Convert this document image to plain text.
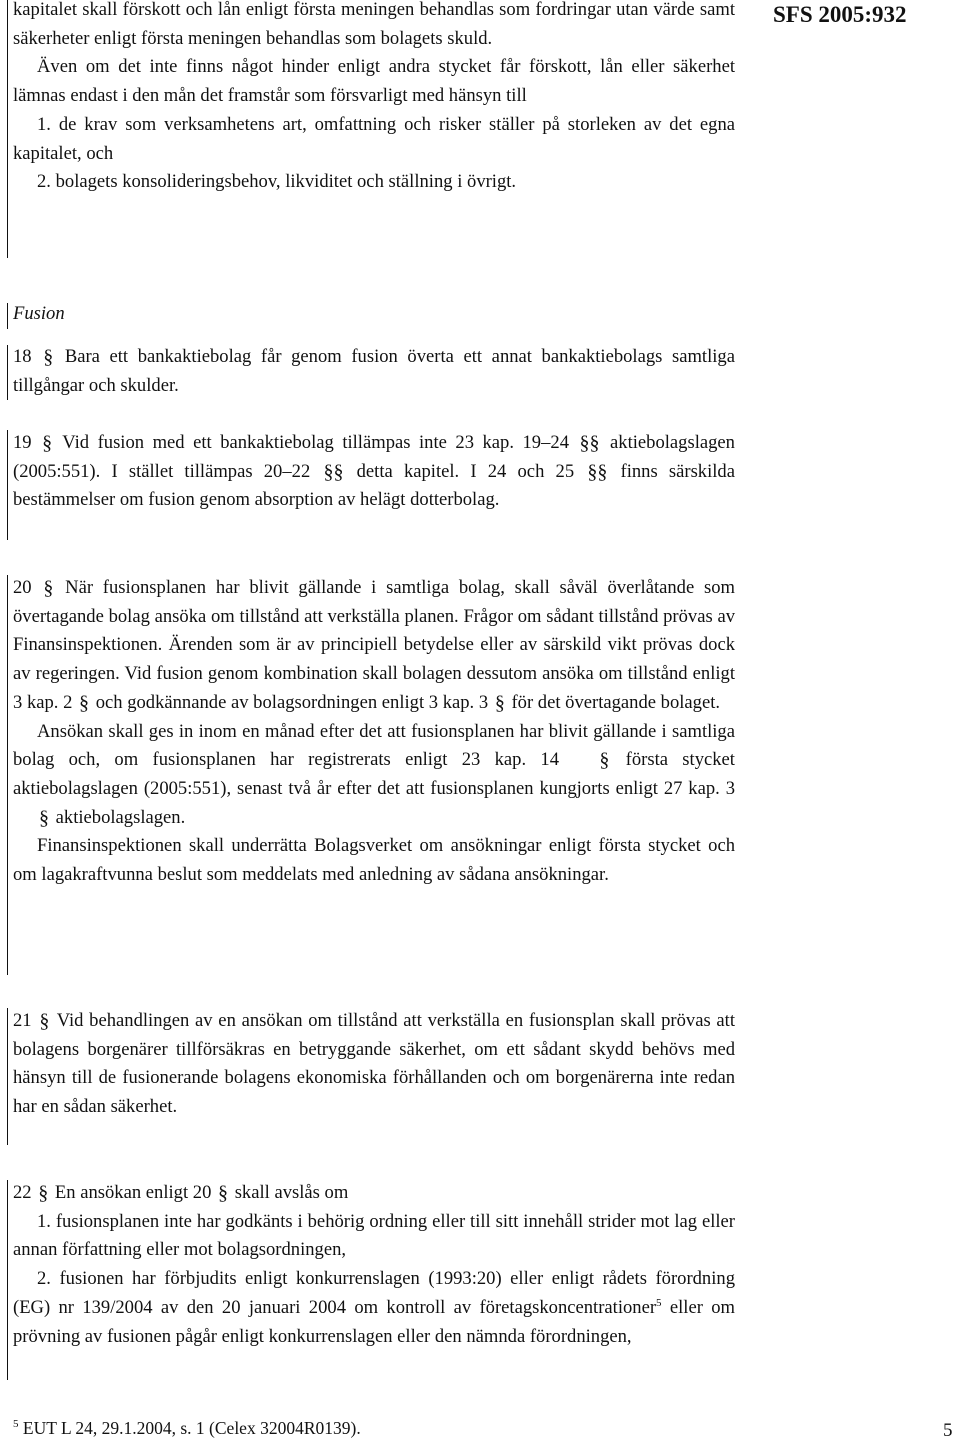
SFS 2005:932

kapitalet skall förskott och lån enligt första meningen behandlas som fordringar utan värde samt säkerheter enligt första meningen behandlas som bolagets skuld.

Även om det inte finns något hinder enligt andra stycket får förskott, lån eller säkerhet lämnas endast i den mån det framstår som försvarligt med hänsyn till

1. de krav som verksamhetens art, omfattning och risker ställer på storleken av det egna kapitalet, och

2. bolagets konsolideringsbehov, likviditet och ställning i övrigt.

Fusion

18 § Bara ett bankaktiebolag får genom fusion överta ett annat bankaktiebolags samtliga tillgångar och skulder.

19 § Vid fusion med ett bankaktiebolag tillämpas inte 23 kap. 19–24 §§ aktiebolagslagen (2005:551). I stället tillämpas 20–22 §§ detta kapitel. I 24 och 25 §§ finns särskilda bestämmelser om fusion genom absorption av helägt dotterbolag.

20 § När fusionsplanen har blivit gällande i samtliga bolag, skall såväl överlåtande som övertagande bolag ansöka om tillstånd att verkställa planen. Frågor om sådant tillstånd prövas av Finansinspektionen. Ärenden som är av principiell betydelse eller av särskild vikt prövas dock av regeringen. Vid fusion genom kombination skall bolagen dessutom ansöka om tillstånd enligt 3 kap. 2 § och godkännande av bolagsordningen enligt 3 kap. 3 § för det övertagande bolaget.

Ansökan skall ges in inom en månad efter det att fusionsplanen har blivit gällande i samtliga bolag och, om fusionsplanen har registrerats enligt 23 kap. 14 § första stycket aktiebolagslagen (2005:551), senast två år efter det att fusionsplanen kungjorts enligt 27 kap. 3 § aktiebolagslagen.

Finansinspektionen skall underrätta Bolagsverket om ansökningar enligt första stycket och om lagakraftvunna beslut som meddelats med anledning av sådana ansökningar.

21 § Vid behandlingen av en ansökan om tillstånd att verkställa en fusionsplan skall prövas att bolagens borgenärer tillförsäkras en betryggande säkerhet, om ett sådant skydd behövs med hänsyn till de fusionerande bolagens ekonomiska förhållanden och om borgenärerna inte redan har en sådan säkerhet.

22 § En ansökan enligt 20 § skall avslås om

1. fusionsplanen inte har godkänts i behörig ordning eller till sitt innehåll strider mot lag eller annan författning eller mot bolagsordningen,

2. fusionen har förbjudits enligt konkurrenslagen (1993:20) eller enligt rådets förordning (EG) nr 139/2004 av den 20 januari 2004 om kontroll av företagskoncentrationer$^5$ eller om prövning av fusionen pågår enligt konkurrenslagen eller den nämnda förordningen,

$^5$ EUT L 24, 29.1.2004, s. 1 (Celex 32004R0139).	5
